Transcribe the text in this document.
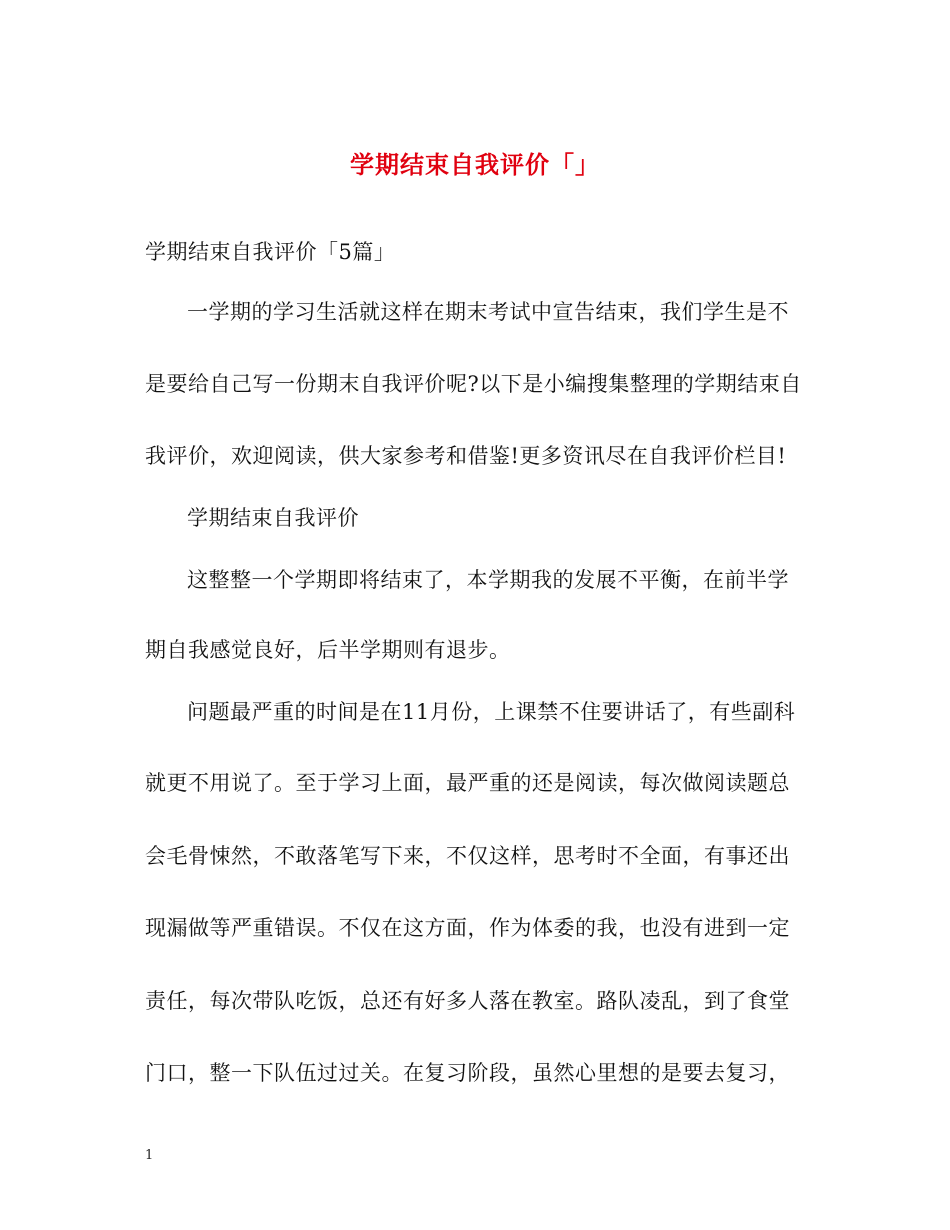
学期结束自我评价「」
学期结束自我评价「5篇」
一学期的学习生活就这样在期末考试中宣告结束，我们学生是不
是要给自己写一份期末自我评价呢?以下是小编搜集整理的学期结束自
我评价，欢迎阅读，供大家参考和借鉴!更多资讯尽在自我评价栏目!
学期结束自我评价
这整整一个学期即将结束了，本学期我的发展不平衡，在前半学
期自我感觉良好，后半学期则有退步。
问题最严重的时间是在11月份，上课禁不住要讲话了，有些副科
就更不用说了。至于学习上面，最严重的还是阅读，每次做阅读题总
会毛骨悚然，不敢落笔写下来，不仅这样，思考时不全面，有事还出
现漏做等严重错误。不仅在这方面，作为体委的我，也没有进到一定
责任，每次带队吃饭，总还有好多人落在教室。路队凌乱，到了食堂
门口，整一下队伍过过关。在复习阶段，虽然心里想的是要去复习，
1
